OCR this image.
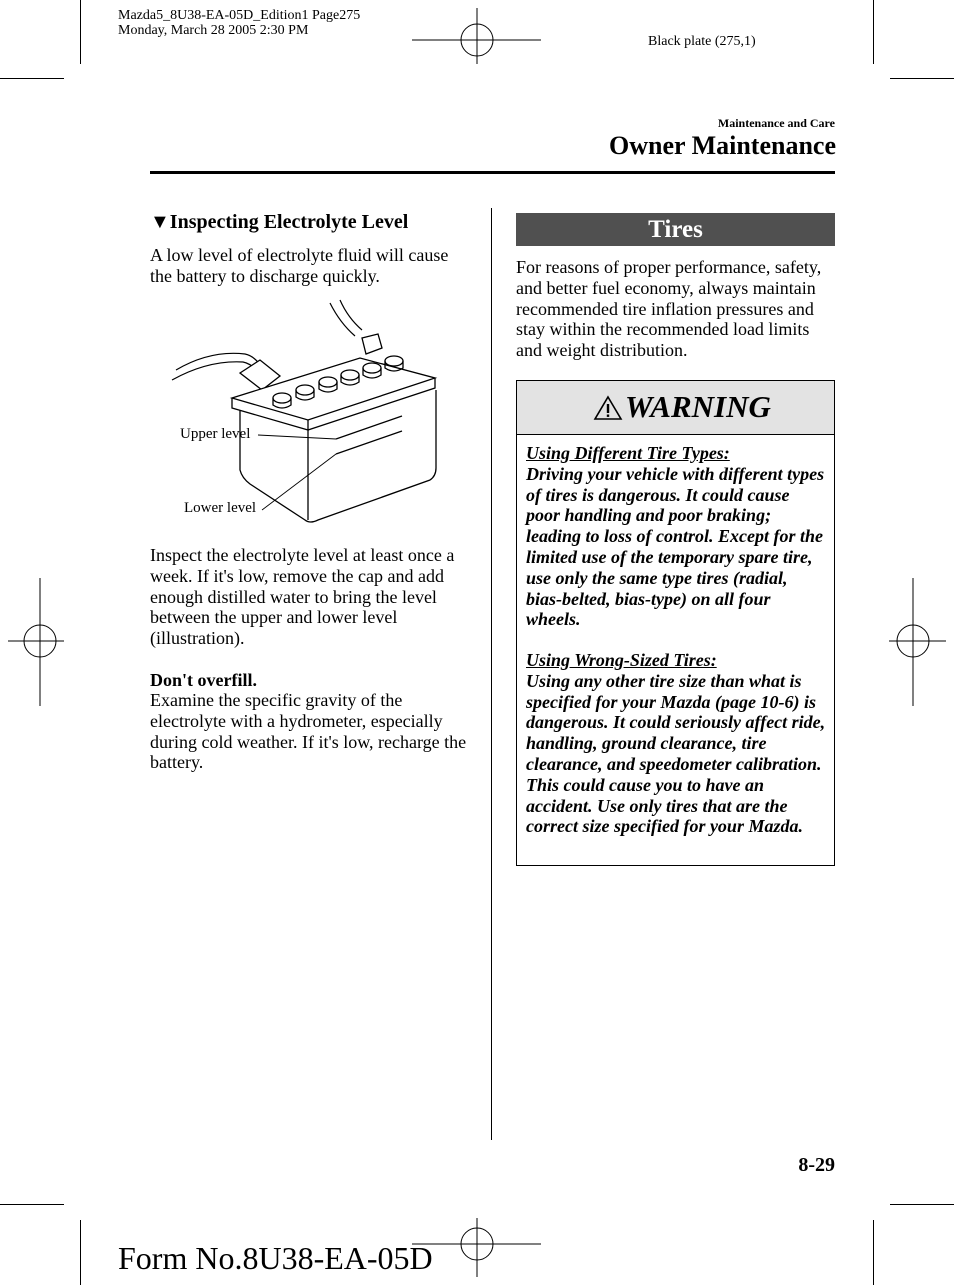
Mazda5_8U38-EA-05D_Edition1 Page275
Monday, March 28 2005 2:30 PM
Black plate (275,1)
Maintenance and Care
Owner Maintenance
▼Inspecting Electrolyte Level
A low level of electrolyte fluid will cause the battery to discharge quickly.
Upper level
Lower level
Inspect the electrolyte level at least once a week. If it's low, remove the cap and add enough distilled water to bring the level between the upper and lower level (illustration).
Don't overfill.
Examine the specific gravity of the electrolyte with a hydrometer, especially during cold weather. If it's low, recharge the battery.
Tires
For reasons of proper performance, safety, and better fuel economy, always maintain recommended tire inflation pressures and stay within the recommended load limits and weight distribution.
WARNING
Using Different Tire Types:
Driving your vehicle with different types of tires is dangerous. It could cause poor handling and poor braking; leading to loss of control. Except for the limited use of the temporary spare tire, use only the same type tires (radial, bias-belted, bias-type) on all four wheels.
Using Wrong-Sized Tires:
Using any other tire size than what is specified for your Mazda (page 10-6) is dangerous. It could seriously affect ride, handling, ground clearance, tire clearance, and speedometer calibration. This could cause you to have an accident. Use only tires that are the correct size specified for your Mazda.
8-29
Form No.8U38-EA-05D
